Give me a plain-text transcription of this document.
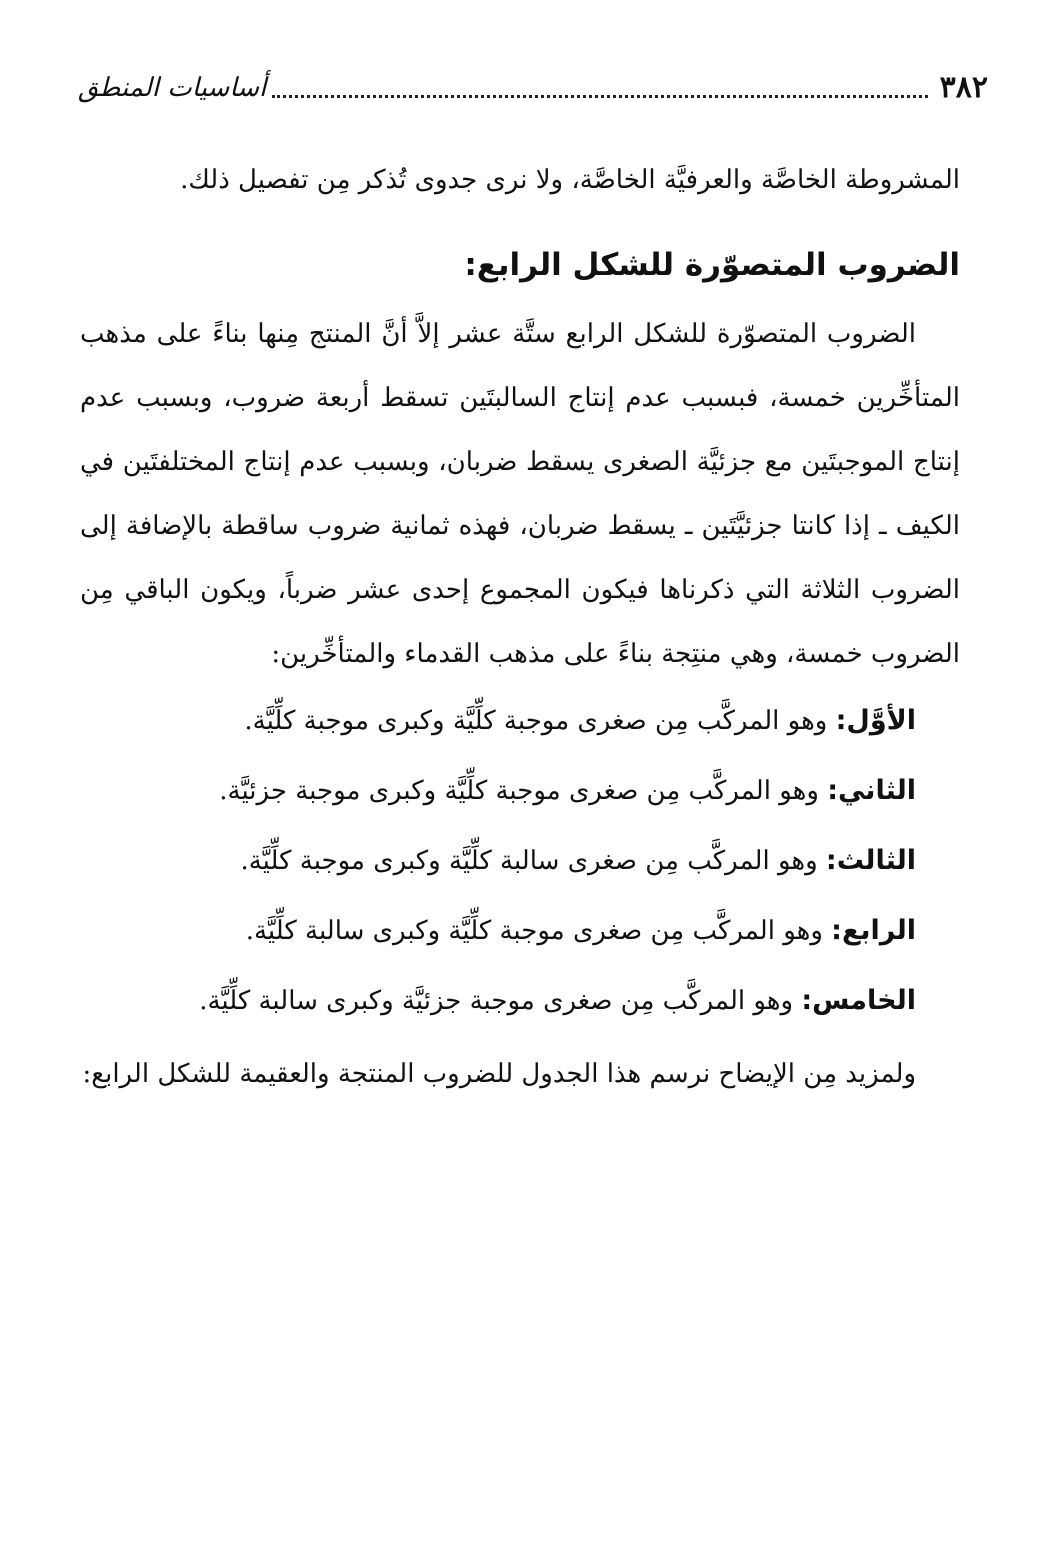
٣٨٢
أساسيات المنطق

المشروطة الخاصَّة والعرفيَّة الخاصَّة، ولا نرى جدوى تُذكر مِن تفصيل ذلك.

الضروب المتصوّرة للشكل الرابع:

الضروب المتصوّرة للشكل الرابع ستَّة عشر إلاَّ أنَّ المنتج مِنها بناءً على مذهب المتأخِّرين خمسة، فبسبب عدم إنتاج السالبتَين تسقط أربعة ضروب، وبسبب عدم إنتاج الموجبتَين مع جزئيَّة الصغرى يسقط ضربان، وبسبب عدم إنتاج المختلفتَين في الكيف ـ إذا كانتا جزئيَّتَين ـ يسقط ضربان، فهذه ثمانية ضروب ساقطة بالإضافة إلى الضروب الثلاثة التي ذكرناها فيكون المجموع إحدى عشر ضرباً، ويكون الباقي مِن الضروب خمسة، وهي منتِجة بناءً على مذهب القدماء والمتأخِّرين:

الأوَّل: وهو المركَّب مِن صغرى موجبة كلِّيَّة وكبرى موجبة كلِّيَّة.
الثاني: وهو المركَّب مِن صغرى موجبة كلِّيَّة وكبرى موجبة جزئيَّة.
الثالث: وهو المركَّب مِن صغرى سالبة كلِّيَّة وكبرى موجبة كلِّيَّة.
الرابع: وهو المركَّب مِن صغرى موجبة كلِّيَّة وكبرى سالبة كلِّيَّة.
الخامس: وهو المركَّب مِن صغرى موجبة جزئيَّة وكبرى سالبة كلِّيَّة.

ولمزيد مِن الإيضاح نرسم هذا الجدول للضروب المنتجة والعقيمة للشكل الرابع:
